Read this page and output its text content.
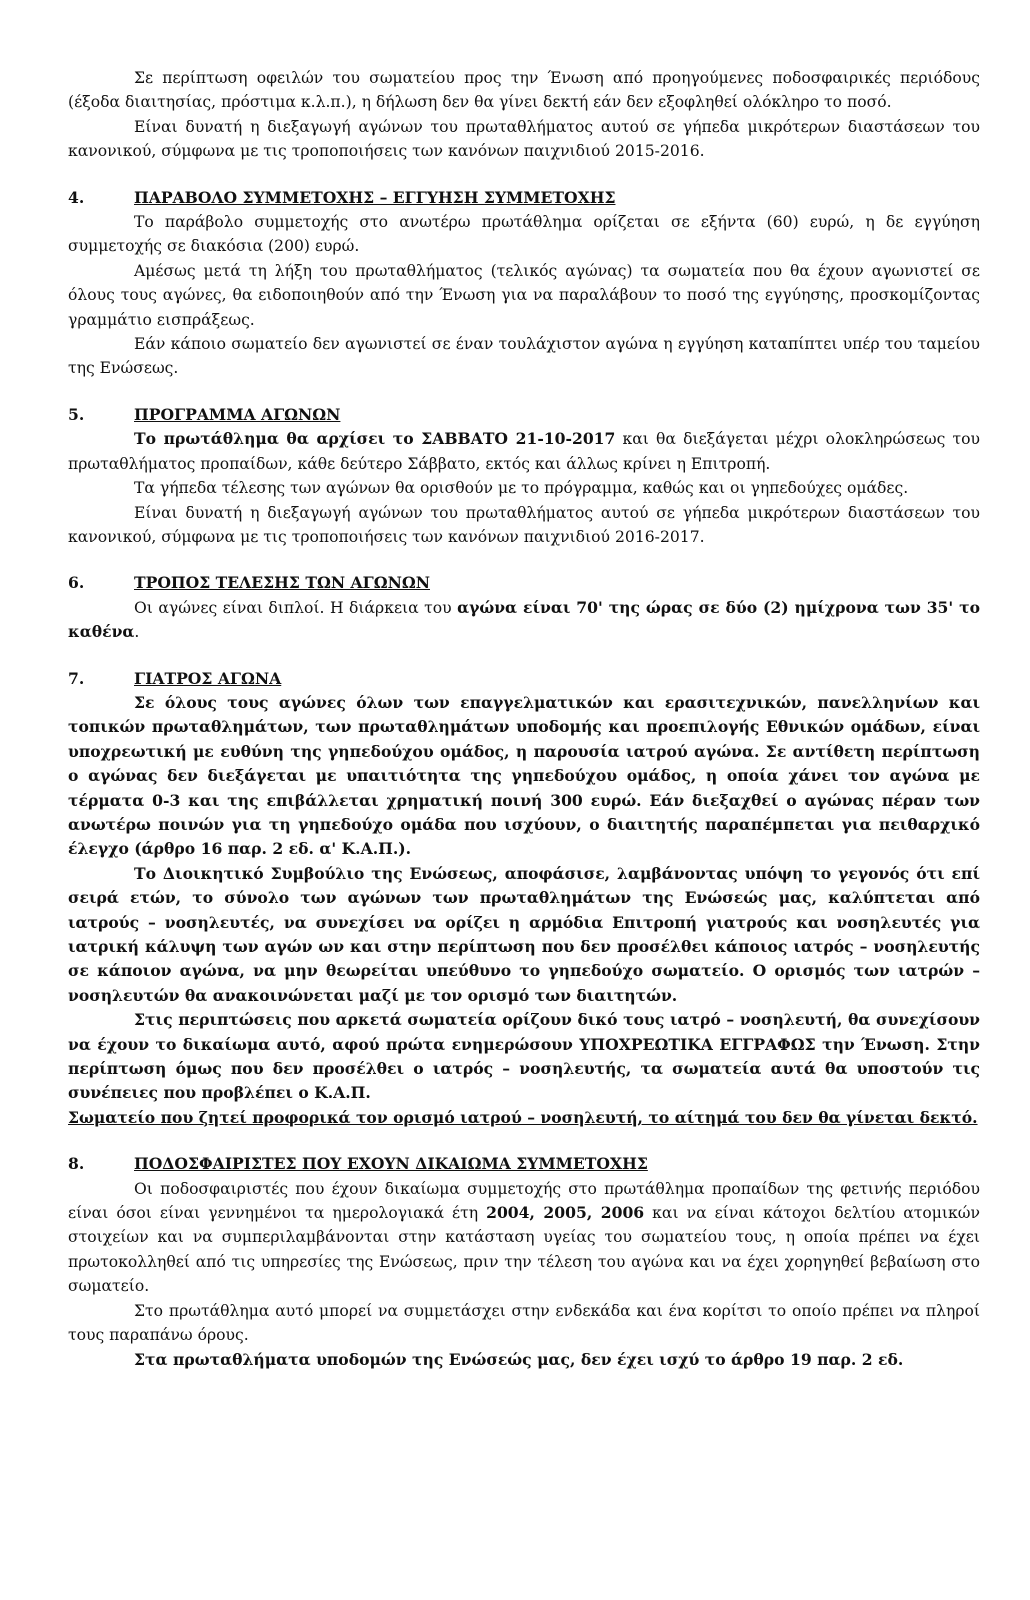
Σε περίπτωση οφειλών του σωματείου προς την Ένωση από προηγούμενες ποδοσφαιρικές περιόδους (έξοδα διαιτησίας, πρόστιμα κ.λ.π.), η δήλωση δεν θα γίνει δεκτή εάν δεν εξοφληθεί ολόκληρο το ποσό.

Είναι δυνατή η διεξαγωγή αγώνων του πρωταθλήματος αυτού σε γήπεδα μικρότερων διαστάσεων του κανονικού, σύμφωνα με τις τροποποιήσεις των κανόνων παιχνιδιού 2015-2016.

4.	ΠΑΡΑΒΟΛΟ ΣΥΜΜΕΤΟΧΗΣ – ΕΓΓΥΗΣΗ ΣΥΜΜΕΤΟΧΗΣ

Το παράβολο συμμετοχής στο ανωτέρω πρωτάθλημα ορίζεται σε εξήντα (60) ευρώ, η δε εγγύηση συμμετοχής σε διακόσια (200) ευρώ.

Αμέσως μετά τη λήξη του πρωταθλήματος (τελικός αγώνας) τα σωματεία που θα έχουν αγωνιστεί σε όλους τους αγώνες, θα ειδοποιηθούν από την Ένωση για να παραλάβουν το ποσό της εγγύησης, προσκομίζοντας γραμμάτιο εισπράξεως.

Εάν κάποιο σωματείο δεν αγωνιστεί σε έναν τουλάχιστον αγώνα η εγγύηση καταπίπτει υπέρ του ταμείου της Ενώσεως.

5.	ΠΡΟΓΡΑΜΜΑ ΑΓΩΝΩΝ

Το πρωτάθλημα θα αρχίσει το ΣΑΒΒΑΤΟ 21-10-2017 και θα διεξάγεται μέχρι ολοκληρώσεως του πρωταθλήματος προπαίδων, κάθε δεύτερο Σάββατο, εκτός και άλλως κρίνει η Επιτροπή.

Τα γήπεδα τέλεσης των αγώνων θα ορισθούν με το πρόγραμμα, καθώς και οι γηπεδούχες ομάδες.

Είναι δυνατή η διεξαγωγή αγώνων του πρωταθλήματος αυτού σε γήπεδα μικρότερων διαστάσεων του κανονικού, σύμφωνα με τις τροποποιήσεις των κανόνων παιχνιδιού 2016-2017.

6.	ΤΡΟΠΟΣ ΤΕΛΕΣΗΣ ΤΩΝ ΑΓΩΝΩΝ

Οι αγώνες είναι διπλοί. Η διάρκεια του αγώνα είναι 70' της ώρας σε δύο (2) ημίχρονα των 35' το καθένα.

7.	ΓΙΑΤΡΟΣ ΑΓΩΝΑ

Σε όλους τους αγώνες όλων των επαγγελματικών και ερασιτεχνικών, πανελληνίων και τοπικών πρωταθλημάτων, των πρωταθλημάτων υποδομής και προεπιλογής Εθνικών ομάδων, είναι υποχρεωτική με ευθύνη της γηπεδούχου ομάδος, η παρουσία ιατρού αγώνα. Σε αντίθετη περίπτωση ο αγώνας δεν διεξάγεται με υπαιτιότητα της γηπεδούχου ομάδος, η οποία χάνει τον αγώνα με τέρματα 0-3 και της επιβάλλεται χρηματική ποινή 300 ευρώ. Εάν διεξαχθεί ο αγώνας πέραν των ανωτέρω ποινών για τη γηπεδούχο ομάδα που ισχύουν, ο διαιτητής παραπέμπεται για πειθαρχικό έλεγχο (άρθρο 16 παρ. 2 εδ. α' Κ.Α.Π.).

Το Διοικητικό Συμβούλιο της Ενώσεως, αποφάσισε, λαμβάνοντας υπόψη το γεγονός ότι επί σειρά ετών, το σύνολο των αγώνων των πρωταθλημάτων της Ενώσεώς μας, καλύπτεται από ιατρούς – νοσηλευτές, να συνεχίσει να ορίζει η αρμόδια Επιτροπή γιατρούς και νοσηλευτές για ιατρική κάλυψη των αγών ων και στην περίπτωση που δεν προσέλθει κάποιος ιατρός – νοσηλευτής σε κάποιον αγώνα, να μην θεωρείται υπεύθυνο το γηπεδούχο σωματείο. Ο ορισμός των ιατρών – νοσηλευτών θα ανακοινώνεται μαζί με τον ορισμό των διαιτητών.

Στις περιπτώσεις που αρκετά σωματεία ορίζουν δικό τους ιατρό – νοσηλευτή, θα συνεχίσουν να έχουν το δικαίωμα αυτό, αφού πρώτα ενημερώσουν ΥΠΟΧΡΕΩΤΙΚΑ ΕΓΓΡΑΦΩΣ την Ένωση. Στην περίπτωση όμως που δεν προσέλθει ο ιατρός – νοσηλευτής, τα σωματεία αυτά θα υποστούν τις συνέπειες που προβλέπει ο Κ.Α.Π.

Σωματείο που ζητεί προφορικά τον ορισμό ιατρού – νοσηλευτή, το αίτημά του δεν θα γίνεται δεκτό.

8.	ΠΟΔΟΣΦΑΙΡΙΣΤΕΣ ΠΟΥ ΕΧΟΥΝ ΔΙΚΑΙΩΜΑ ΣΥΜΜΕΤΟΧΗΣ

Οι ποδοσφαιριστές που έχουν δικαίωμα συμμετοχής στο πρωτάθλημα προπαίδων της φετινής περιόδου είναι όσοι είναι γεννημένοι τα ημερολογιακά έτη 2004, 2005, 2006 και να είναι κάτοχοι δελτίου ατομικών στοιχείων και να συμπεριλαμβάνονται στην κατάσταση υγείας του σωματείου τους, η οποία πρέπει να έχει πρωτοκολληθεί από τις υπηρεσίες της Ενώσεως, πριν την τέλεση του αγώνα και να έχει χορηγηθεί βεβαίωση στο σωματείο.

Στο πρωτάθλημα αυτό μπορεί να συμμετάσχει στην ενδεκάδα και ένα κορίτσι το οποίο πρέπει να πληροί τους παραπάνω όρους.

Στα πρωταθλήματα υποδομών της Ενώσεώς μας, δεν έχει ισχύ το άρθρο 19 παρ. 2 εδ.
